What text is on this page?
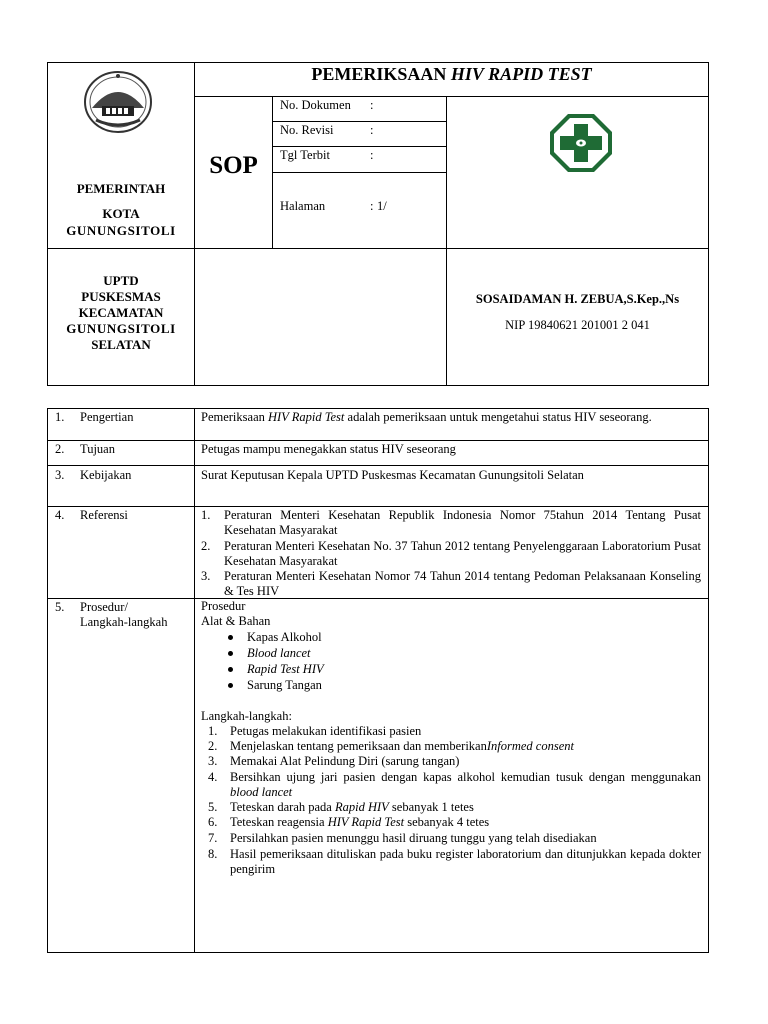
PEMERINTAH
KOTA
GUNUNGSITOLI
PEMERIKSAAN HIV RAPID TEST
SOP
No. Dokumen :
No. Revisi	:
Tgl Terbit	:
Halaman	: 1/
UPTD
PUSKESMAS
KECAMATAN
GUNUNGSITOLI
SELATAN
SOSAIDAMAN H. ZEBUA,S.Kep.,Ns
NIP 19840621 201001 2 041
1. Pengertian	Pemeriksaan HIV Rapid Test adalah pemeriksaan untuk mengetahui status HIV seseorang.
2. Tujuan	Petugas mampu menegakkan status HIV seseorang
3. Kebijakan	Surat Keputusan Kepala UPTD Puskesmas Kecamatan Gunungsitoli Selatan
4. Referensi	1. Peraturan Menteri Kesehatan Republik Indonesia Nomor 75tahun 2014 Tentang Pusat Kesehatan Masyarakat
2. Peraturan Menteri Kesehatan No. 37 Tahun 2012 tentang Penyelenggaraan Laboratorium Pusat Kesehatan Masyarakat
3. Peraturan Menteri Kesehatan Nomor 74 Tahun 2014 tentang Pedoman Pelaksanaan Konseling & Tes HIV
5. Prosedur/
Langkah-langkah
Prosedur
Alat & Bahan
Kapas Alkohol
Blood lancet
Rapid Test HIV
Sarung Tangan
Langkah-langkah:
1. Petugas melakukan identifikasi pasien
2. Menjelaskan tentang pemeriksaan dan memberikanInformed consent
3. Memakai Alat Pelindung Diri (sarung tangan)
4. Bersihkan ujung jari pasien dengan kapas alkohol kemudian tusuk dengan menggunakan blood lancet
5. Teteskan darah pada Rapid HIV sebanyak 1 tetes
6. Teteskan reagensia HIV Rapid Test sebanyak 4 tetes
7. Persilahkan pasien menunggu hasil diruang tunggu yang telah disediakan
8. Hasil pemeriksaan dituliskan pada buku register laboratorium dan ditunjukkan kepada dokter pengirim
